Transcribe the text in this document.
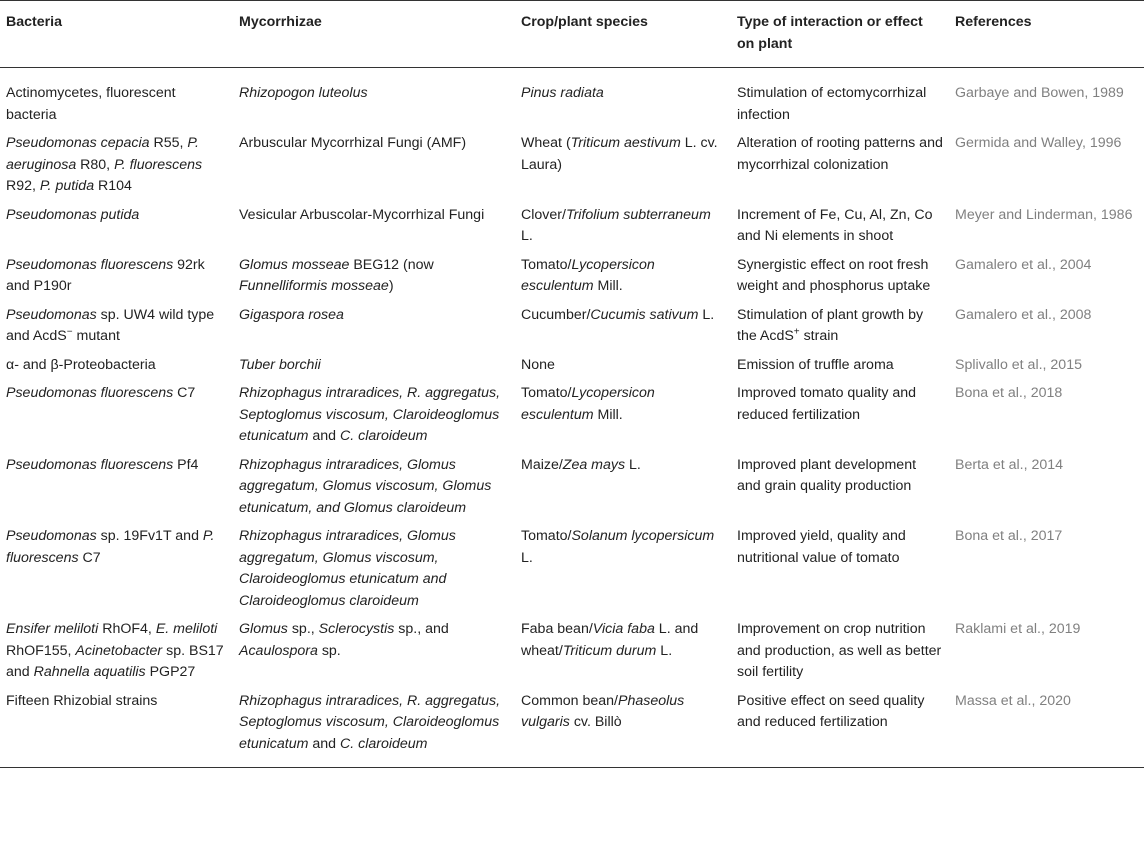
Bacteria	Mycorrhizae	Crop/plant species	Type of interaction or effect on plant	References
Actinomycetes, fluorescent bacteria	Rhizopogon luteolus	Pinus radiata	Stimulation of ectomycorrhizal infection	Garbaye and Bowen, 1989
Pseudomonas cepacia R55, P. aeruginosa R80, P. fluorescens R92, P. putida R104	Arbuscular Mycorrhizal Fungi (AMF)	Wheat (Triticum aestivum L. cv. Laura)	Alteration of rooting patterns and mycorrhizal colonization	Germida and Walley, 1996
Pseudomonas putida	Vesicular Arbuscolar-Mycorrhizal Fungi	Clover/Trifolium subterraneum L.	Increment of Fe, Cu, Al, Zn, Co and Ni elements in shoot	Meyer and Linderman, 1986
Pseudomonas fluorescens 92rk and P190r	Glomus mosseae BEG12 (now Funnelliformis mosseae)	Tomato/Lycopersicon esculentum Mill.	Synergistic effect on root fresh weight and phosphorus uptake	Gamalero et al., 2004
Pseudomonas sp. UW4 wild type and AcdS− mutant	Gigaspora rosea	Cucumber/Cucumis sativum L.	Stimulation of plant growth by the AcdS+ strain	Gamalero et al., 2008
α- and β-Proteobacteria	Tuber borchii	None	Emission of truffle aroma	Splivallo et al., 2015
Pseudomonas fluorescens C7	Rhizophagus intraradices, R. aggregatus, Septoglomus viscosum, Claroideoglomus etunicatum and C. claroideum	Tomato/Lycopersicon esculentum Mill.	Improved tomato quality and reduced fertilization	Bona et al., 2018
Pseudomonas fluorescens Pf4	Rhizophagus intraradices, Glomus aggregatum, Glomus viscosum, Glomus etunicatum, and Glomus claroideum	Maize/Zea mays L.	Improved plant development and grain quality production	Berta et al., 2014
Pseudomonas sp. 19Fv1T and P. fluorescens C7	Rhizophagus intraradices, Glomus aggregatum, Glomus viscosum, Claroideoglomus etunicatum and Claroideoglomus claroideum	Tomato/Solanum lycopersicum L.	Improved yield, quality and nutritional value of tomato	Bona et al., 2017
Ensifer meliloti RhOF4, E. meliloti RhOF155, Acinetobacter sp. BS17 and Rahnella aquatilis PGP27	Glomus sp., Sclerocystis sp., and Acaulospora sp.	Faba bean/Vicia faba L. and wheat/Triticum durum L.	Improvement on crop nutrition and production, as well as better soil fertility	Raklami et al., 2019
Fifteen Rhizobial strains	Rhizophagus intraradices, R. aggregatus, Septoglomus viscosum, Claroideoglomus etunicatum and C. claroideum	Common bean/Phaseolus vulgaris cv. Billò	Positive effect on seed quality and reduced fertilization	Massa et al., 2020
